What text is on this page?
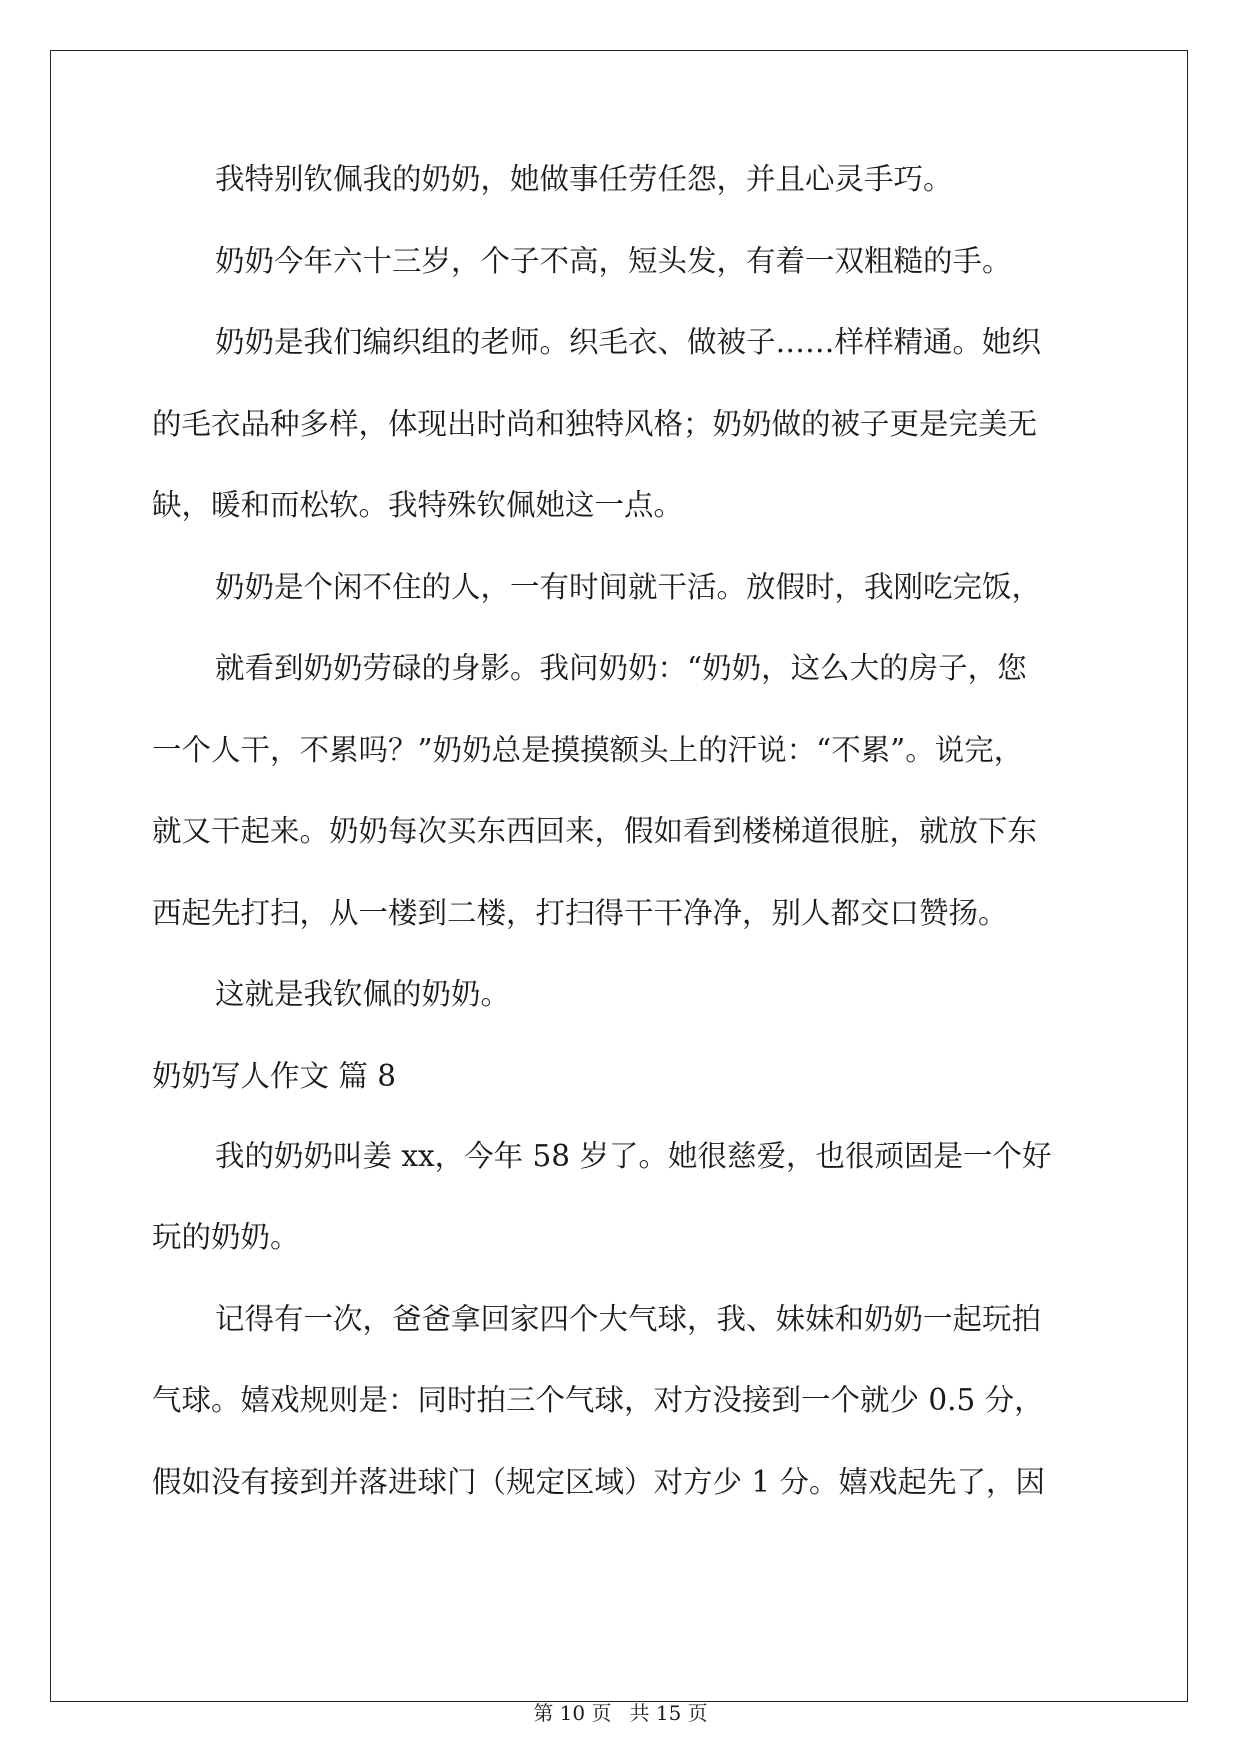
我特别钦佩我的奶奶，她做事任劳任怨，并且心灵手巧。
奶奶今年六十三岁，个子不高，短头发，有着一双粗糙的手。
奶奶是我们编织组的老师。织毛衣、做被子……样样精通。她织
的毛衣品种多样，体现出时尚和独特风格；奶奶做的被子更是完美无
缺，暖和而松软。我特殊钦佩她这一点。
奶奶是个闲不住的人，一有时间就干活。放假时，我刚吃完饭，
就看到奶奶劳碌的身影。我问奶奶：“奶奶，这么大的房子，您
一个人干，不累吗？”奶奶总是摸摸额头上的汗说：“不累”。说完，
就又干起来。奶奶每次买东西回来，假如看到楼梯道很脏，就放下东
西起先打扫，从一楼到二楼，打扫得干干净净，别人都交口赞扬。
这就是我钦佩的奶奶。
奶奶写人作文 篇 8
我的奶奶叫姜 xx，今年 58 岁了。她很慈爱，也很顽固是一个好
玩的奶奶。
记得有一次，爸爸拿回家四个大气球，我、妹妹和奶奶一起玩拍
气球。嬉戏规则是：同时拍三个气球，对方没接到一个就少 0.5 分，
假如没有接到并落进球门（规定区域）对方少 1 分。嬉戏起先了，因
第 10 页 共 15 页
